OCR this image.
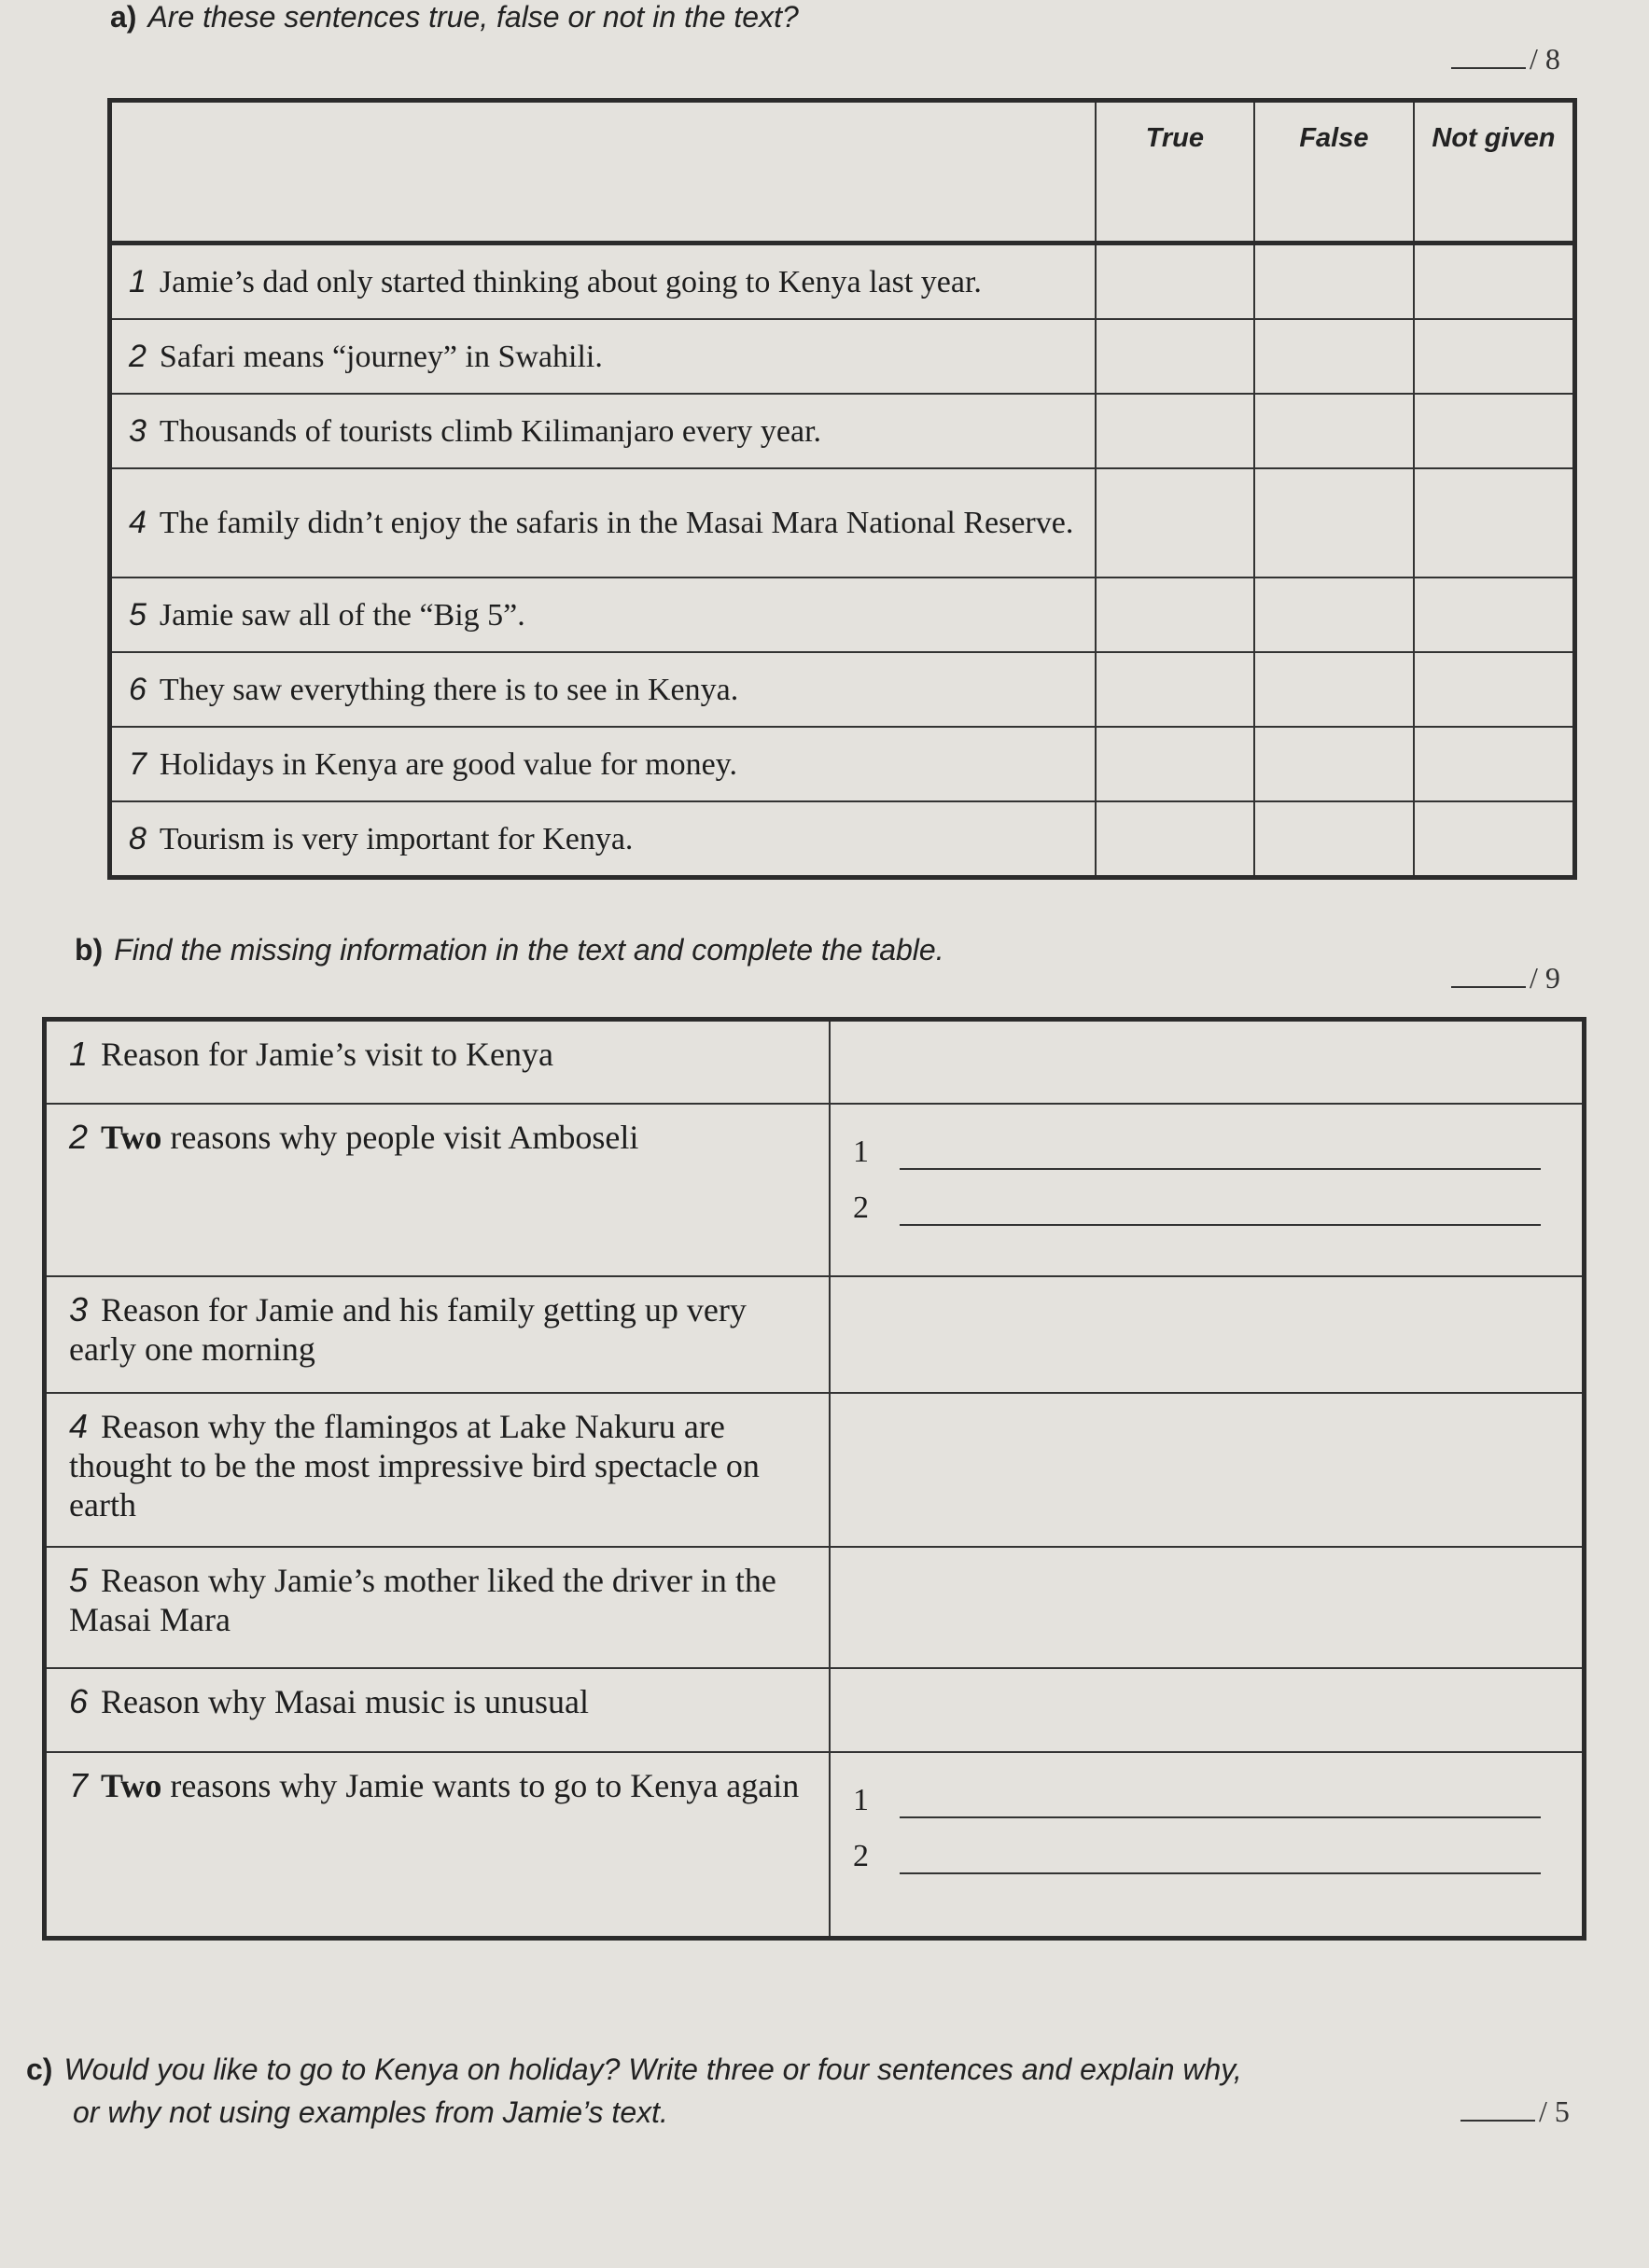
a) Are these sentences true, false or not in the text?
/ 8
	True	False	Not given
1 Jamie’s dad only started thinking about going to Kenya last year.			
2 Safari means “journey” in Swahili.			
3 Thousands of tourists climb Kilimanjaro every year.			
4 The family didn’t enjoy the safaris in the Masai Mara National Reserve.			
5 Jamie saw all of the “Big 5”.			
6 They saw everything there is to see in Kenya.			
7 Holidays in Kenya are good value for money.			
8 Tourism is very important for Kenya.			
b) Find the missing information in the text and complete the table.
/ 9
1 Reason for Jamie’s visit to Kenya	
2 Two reasons why people visit Amboseli	1
2

3 Reason for Jamie and his family getting up very early one morning	
4 Reason why the flamingos at Lake Nakuru are thought to be the most impressive bird spectacle on earth	
5 Reason why Jamie’s mother liked the driver in the Masai Mara	
6 Reason why Masai music is unusual	
7 Two reasons why Jamie wants to go to Kenya again	1
2
c) Would you like to go to Kenya on holiday? Write three or four sentences and explain why,
or why not using examples from Jamie’s text.	/ 5
